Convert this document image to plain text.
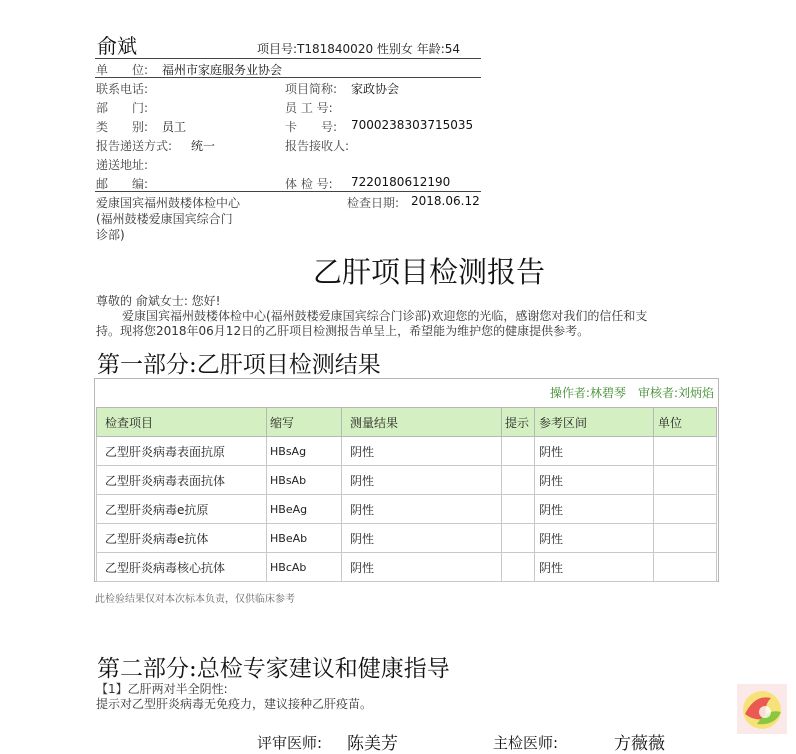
俞斌	项目号:T181840020 性别女 年龄:54
单　　位: 福州市家庭服务业协会
联系电话:	项目简称: 家政协会
部　　门:	员 工 号:
类　　别: 员工	卡　　号: 7000238303715035
报告递送方式: 统一	报告接收人:
递送地址:
邮　　编:	体 检 号: 7220180612190
爱康国宾福州鼓楼体检中心
(福州鼓楼爱康国宾综合门
诊部)
检查日期: 2018.06.12
乙肝项目检测报告
尊敬的 俞斌女士: 您好!
爱康国宾福州鼓楼体检中心(福州鼓楼爱康国宾综合门诊部)欢迎您的光临，感谢您对我们的信任和支
持。现将您2018年06月12日的乙肝项目检测报告单呈上，希望能为维护您的健康提供参考。
第一部分:乙肝项目检测结果
操作者:林碧琴　审核者:刘炳焰
检查项目	缩写	测量结果	提示	参考区间	单位
乙型肝炎病毒表面抗原	HBsAg	阴性		阴性	
乙型肝炎病毒表面抗体	HBsAb	阴性		阴性	
乙型肝炎病毒e抗原	HBeAg	阴性		阴性	
乙型肝炎病毒e抗体	HBeAb	阴性		阴性	
乙型肝炎病毒核心抗体	HBcAb	阴性		阴性	
此检验结果仅对本次标本负责，仅供临床参考
第二部分:总检专家建议和健康指导
【1】乙肝两对半全阴性:
提示对乙型肝炎病毒无免疫力，建议接种乙肝疫苗。
评审医师: 陈美芳	主检医师:	方薇薇
